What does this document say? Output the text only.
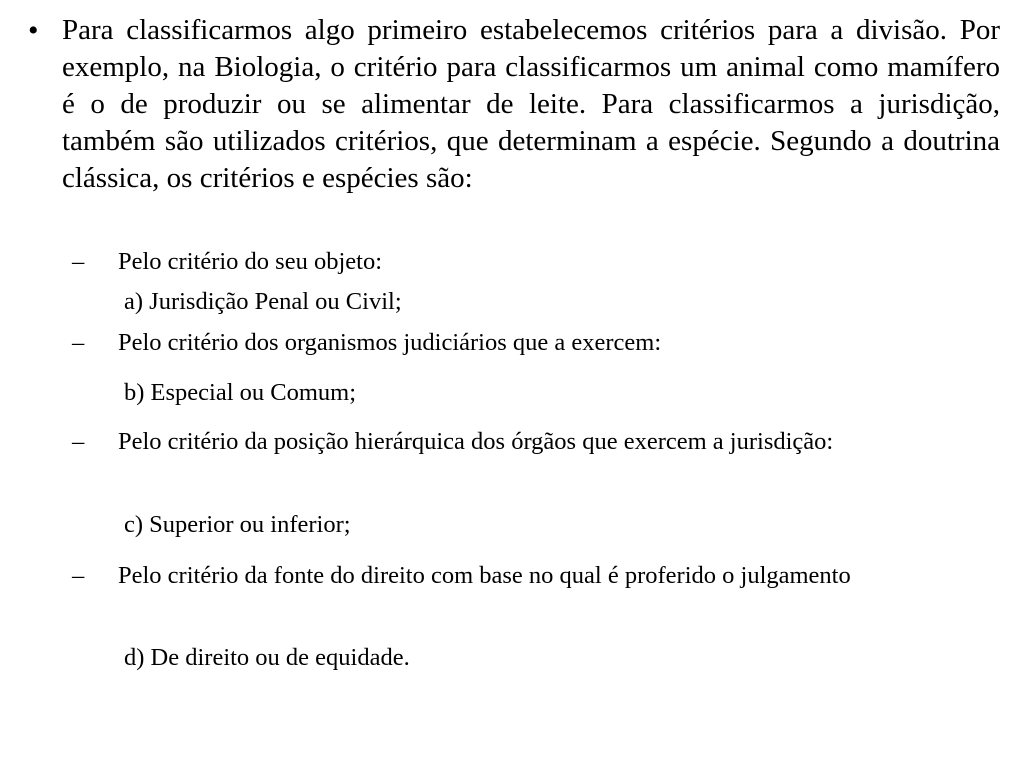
• Para classificarmos algo primeiro estabelecemos critérios para a divisão. Por exemplo, na Biologia, o critério para classificarmos um animal como mamífero é o de produzir ou se alimentar de leite. Para classificarmos a jurisdição, também são utilizados critérios, que determinam a espécie. Segundo a doutrina clássica, os critérios e espécies são:
–	Pelo critério do seu objeto:
a) Jurisdição Penal ou Civil;
–	Pelo critério dos organismos judiciários que a exercem:
b) Especial ou Comum;
–	Pelo critério da posição hierárquica dos órgãos que exercem a jurisdição:
c) Superior ou inferior;
–	Pelo critério da fonte do direito com base no qual é proferido o julgamento
d) De direito ou de equidade.
